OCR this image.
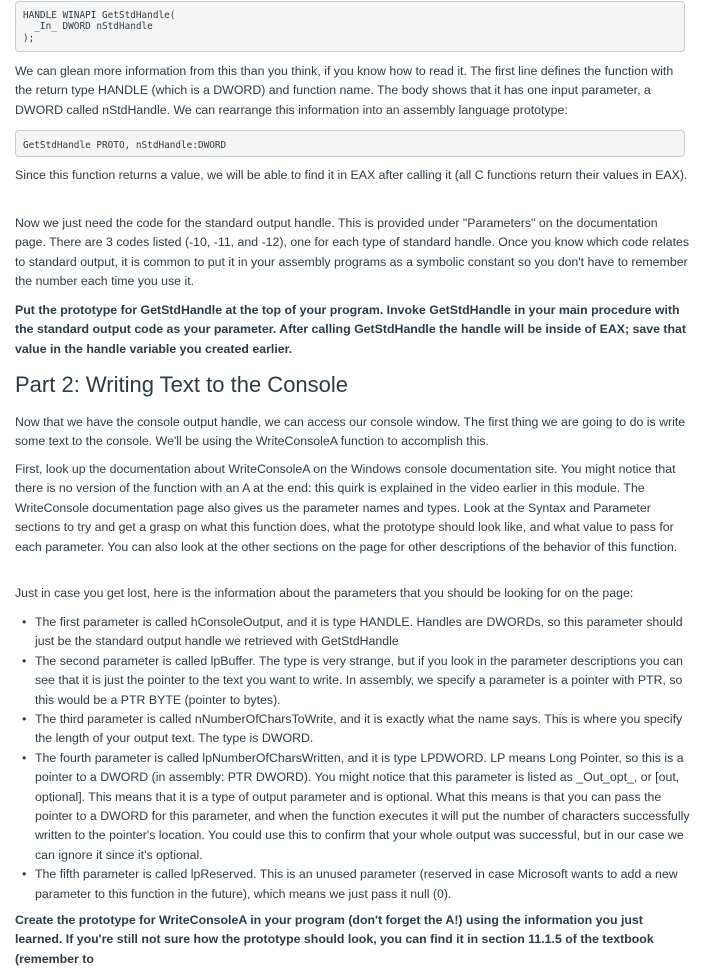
HANDLE WINAPI GetStdHandle(
_In_ DWORD nStdHandle
);

We can glean more information from this than you think, if you know how to read it. The first line defines the function with the return type HANDLE (which is a DWORD) and function name. The body shows that it has one input parameter, a DWORD called nStdHandle. We can rearrange this information into an assembly language prototype:

GetStdHandle PROTO, nStdHandle:DWORD

Since this function returns a value, we will be able to find it in EAX after calling it (all C functions return their values in EAX).

Now we just need the code for the standard output handle. This is provided under "Parameters" on the documentation page. There are 3 codes listed (-10, -11, and -12), one for each type of standard handle. Once you know which code relates to standard output, it is common to put it in your assembly programs as a symbolic constant so you don't have to remember the number each time you use it.

Put the prototype for GetStdHandle at the top of your program. Invoke GetStdHandle in your main procedure with the standard output code as your parameter. After calling GetStdHandle the handle will be inside of EAX; save that value in the handle variable you created earlier.

Part 2: Writing Text to the Console

Now that we have the console output handle, we can access our console window. The first thing we are going to do is write some text to the console. We'll be using the WriteConsoleA function to accomplish this.

First, look up the documentation about WriteConsoleA on the Windows console documentation site. You might notice that there is no version of the function with an A at the end: this quirk is explained in the video earlier in this module. The WriteConsole documentation page also gives us the parameter names and types. Look at the Syntax and Parameter sections to try and get a grasp on what this function does, what the prototype should look like, and what value to pass for each parameter. You can also look at the other sections on the page for other descriptions of the behavior of this function.

Just in case you get lost, here is the information about the parameters that you should be looking for on the page:

• The first parameter is called hConsoleOutput, and it is type HANDLE. Handles are DWORDs, so this parameter should just be the standard output handle we retrieved with GetStdHandle
• The second parameter is called lpBuffer. The type is very strange, but if you look in the parameter descriptions you can see that it is just the pointer to the text you want to write. In assembly, we specify a parameter is a pointer with PTR, so this would be a PTR BYTE (pointer to bytes).
• The third parameter is called nNumberOfCharsToWrite, and it is exactly what the name says. This is where you specify the length of your output text. The type is DWORD.
• The fourth parameter is called lpNumberOfCharsWritten, and it is type LPDWORD. LP means Long Pointer, so this is a pointer to a DWORD (in assembly: PTR DWORD). You might notice that this parameter is listed as _Out_opt_, or [out, optional]. This means that it is a type of output parameter and is optional. What this means is that you can pass the pointer to a DWORD for this parameter, and when the function executes it will put the number of characters successfully written to the pointer's location. You could use this to confirm that your whole output was successful, but in our case we can ignore it since it's optional.
• The fifth parameter is called lpReserved. This is an unused parameter (reserved in case Microsoft wants to add a new parameter to this function in the future), which means we just pass it null (0).

Create the prototype for WriteConsoleA in your program (don't forget the A!) using the information you just learned. If you're still not sure how the prototype should look, you can find it in section 11.1.5 of the textbook (remember to
